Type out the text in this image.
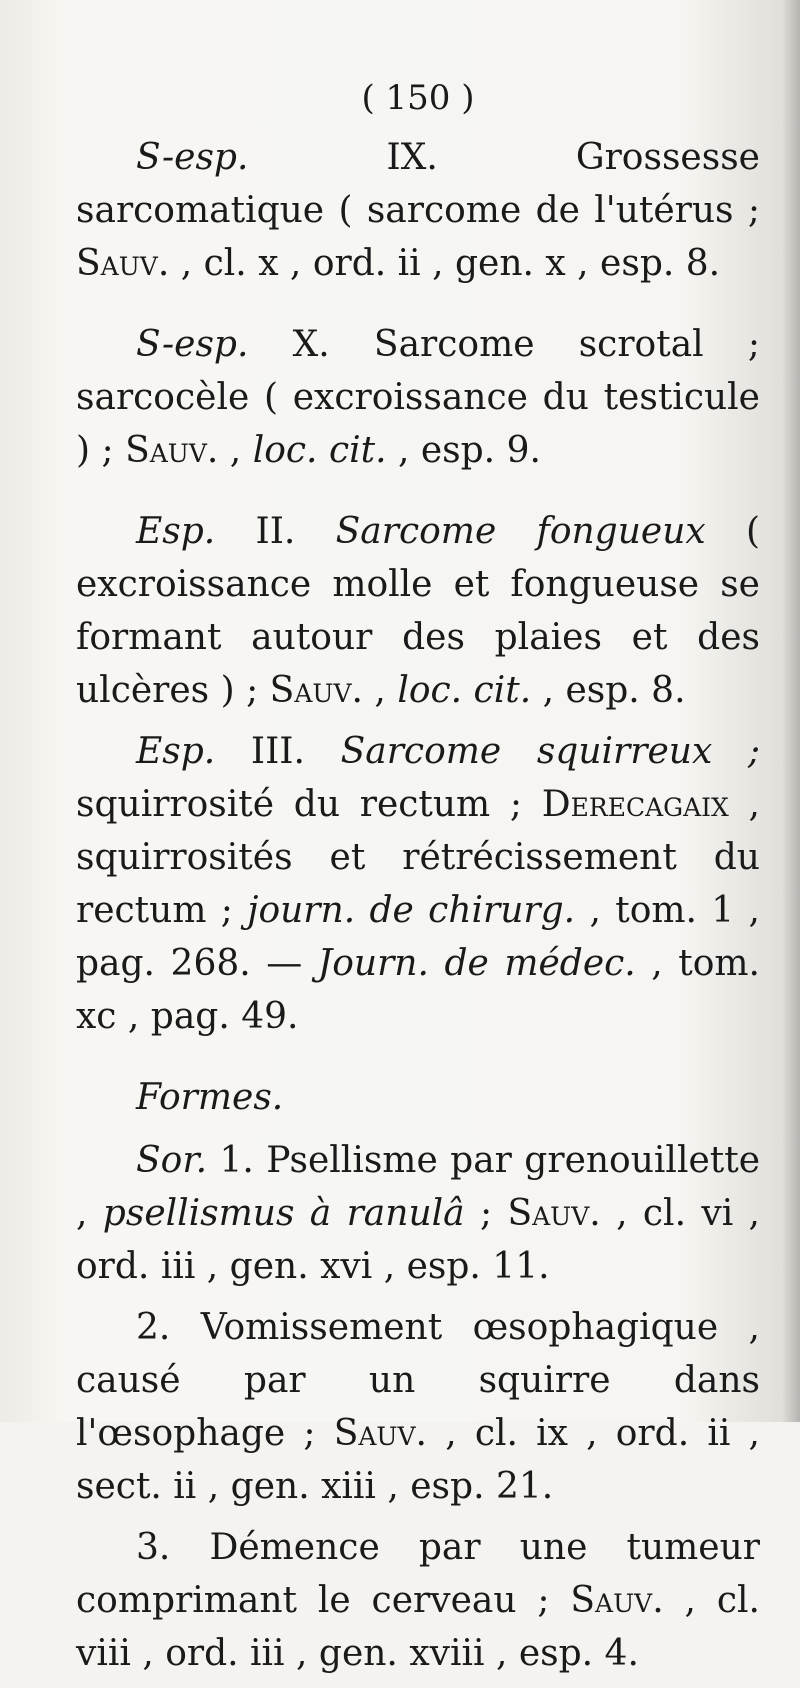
( 150 )

S-esp. IX. Grossesse sarcomatique ( sarcome de l'utérus ; Sauv. , cl. x , ord. ii , gen. x , esp. 8.

S-esp. X. Sarcome scrotal ; sarcocèle ( excroissance du testicule ) ; Sauv. , loc. cit. , esp. 9.

Esp. II. Sarcome fongueux ( excroissance molle et fongueuse se formant autour des plaies et des ulcères ) ; Sauv. , loc. cit. , esp. 8.

Esp. III. Sarcome squirreux ; squirrosité du rectum ; Derecagaix , squirrosités et rétrécissement du rectum ; journ. de chirurg. , tom. 1 , pag. 268. — Journ. de médec. , tom. xc , pag. 49.

Formes.

Sor. 1. Psellisme par grenouillette , psellismus à ranulâ ; Sauv. , cl. vi , ord. iii , gen. xvi , esp. 11.

2. Vomissement œsophagique , causé par un squirre dans l'œsophage ; Sauv. , cl. ix , ord. ii , sect. ii , gen. xiii , esp. 21.

3. Démence par une tumeur comprimant le cerveau ; Sauv. , cl. viii , ord. iii , gen. xviii , esp. 4.
